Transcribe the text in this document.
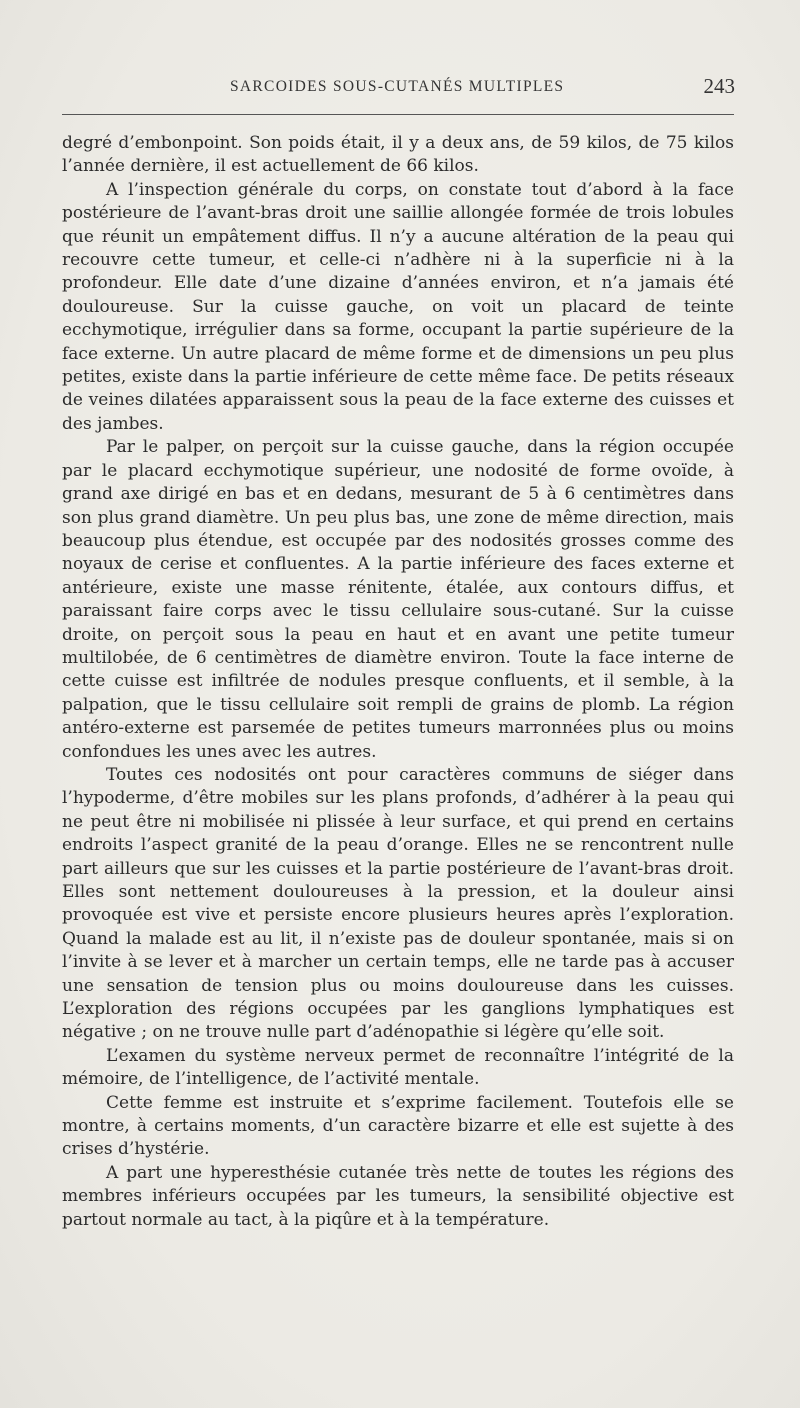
SARCOIDES SOUS-CUTANÉS MULTIPLES	243

degré d’embonpoint. Son poids était, il y a deux ans, de 59 kilos, de 75 kilos l’année dernière, il est actuellement de 66 kilos.

A l’inspection générale du corps, on constate tout d’abord à la face postérieure de l’avant-bras droit une saillie allongée formée de trois lobules que réunit un empâtement diffus. Il n’y a aucune altération de la peau qui recouvre cette tumeur, et celle-ci n’adhère ni à la superficie ni à la profondeur. Elle date d’une dizaine d’années environ, et n’a jamais été douloureuse. Sur la cuisse gauche, on voit un placard de teinte ecchymotique, irrégulier dans sa forme, occupant la partie supérieure de la face externe. Un autre placard de même forme et de dimensions un peu plus petites, existe dans la partie inférieure de cette même face. De petits réseaux de veines dilatées apparaissent sous la peau de la face externe des cuisses et des jambes.

Par le palper, on perçoit sur la cuisse gauche, dans la région occupée par le placard ecchymotique supérieur, une nodosité de forme ovoïde, à grand axe dirigé en bas et en dedans, mesurant de 5 à 6 centimètres dans son plus grand diamètre. Un peu plus bas, une zone de même direction, mais beaucoup plus étendue, est occupée par des nodosités grosses comme des noyaux de cerise et confluentes. A la partie inférieure des faces externe et antérieure, existe une masse rénitente, étalée, aux contours diffus, et paraissant faire corps avec le tissu cellulaire sous-cutané. Sur la cuisse droite, on perçoit sous la peau en haut et en avant une petite tumeur multilobée, de 6 centimètres de diamètre environ. Toute la face interne de cette cuisse est infiltrée de nodules presque confluents, et il semble, à la palpation, que le tissu cellulaire soit rempli de grains de plomb. La région antéro-externe est parsemée de petites tumeurs marronnées plus ou moins confondues les unes avec les autres.

Toutes ces nodosités ont pour caractères communs de siéger dans l’hypoderme, d’être mobiles sur les plans profonds, d’adhérer à la peau qui ne peut être ni mobilisée ni plissée à leur surface, et qui prend en certains endroits l’aspect granité de la peau d’orange. Elles ne se rencontrent nulle part ailleurs que sur les cuisses et la partie postérieure de l’avant-bras droit. Elles sont nettement douloureuses à la pression, et la douleur ainsi provoquée est vive et persiste encore plusieurs heures après l’exploration. Quand la malade est au lit, il n’existe pas de douleur spontanée, mais si on l’invite à se lever et à marcher un certain temps, elle ne tarde pas à accuser une sensation de tension plus ou moins douloureuse dans les cuisses. L’exploration des régions occupées par les ganglions lymphatiques est négative ; on ne trouve nulle part d’adénopathie si légère qu’elle soit.

L’examen du système nerveux permet de reconnaître l’intégrité de la mémoire, de l’intelligence, de l’activité mentale.

Cette femme est instruite et s’exprime facilement. Toutefois elle se montre, à certains moments, d’un caractère bizarre et elle est sujette à des crises d’hystérie.

A part une hyperesthésie cutanée très nette de toutes les régions des membres inférieurs occupées par les tumeurs, la sensibilité objective est partout normale au tact, à la piqûre et à la température.
